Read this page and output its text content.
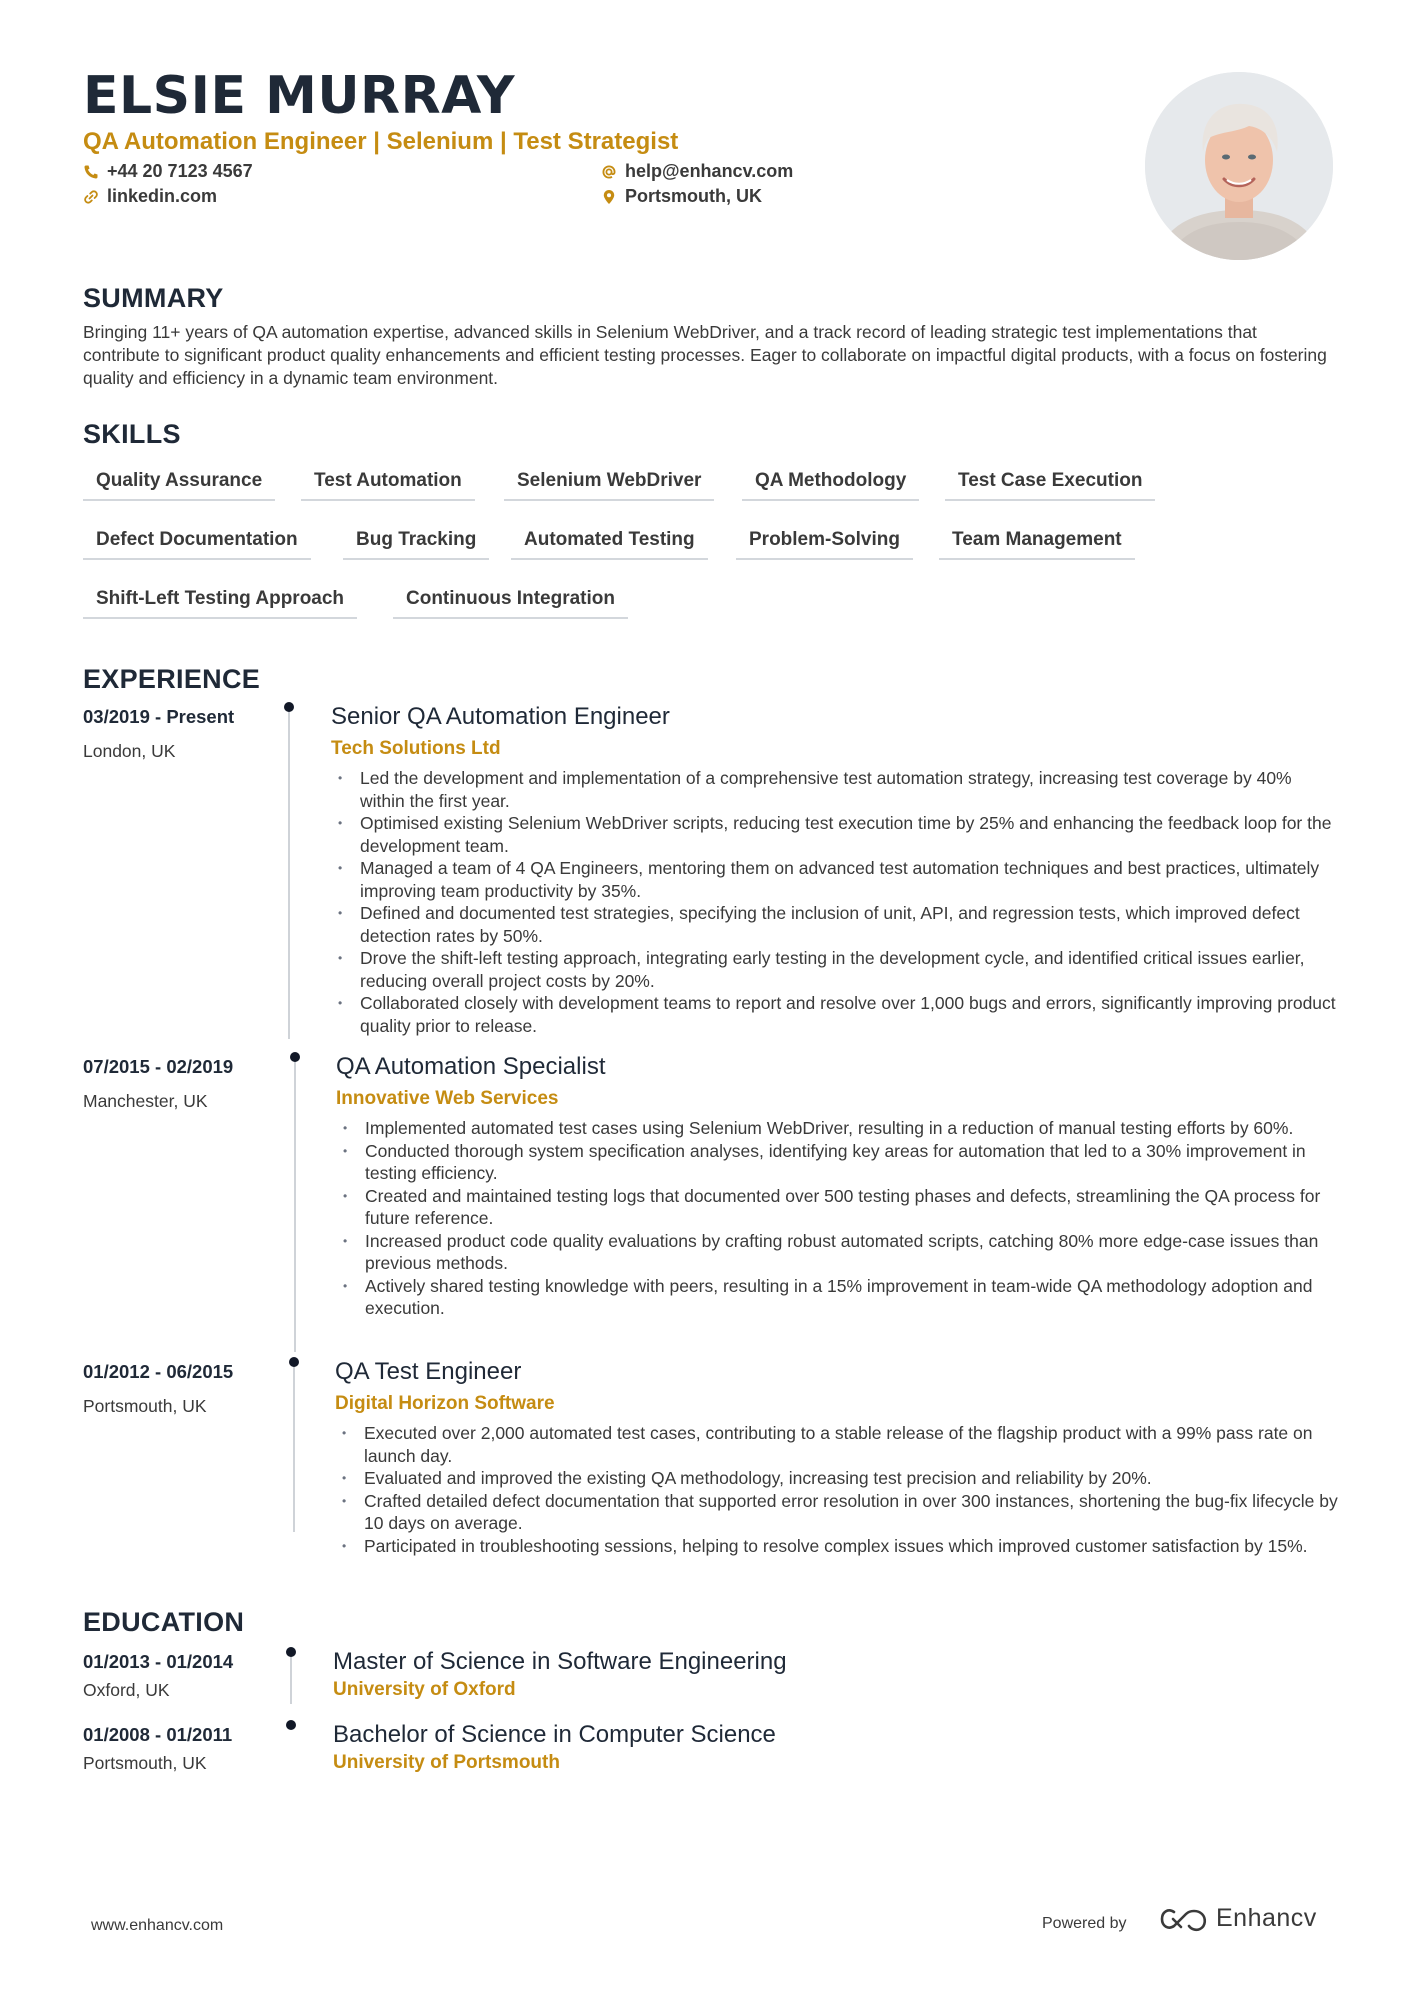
ELSIE MURRAY
QA Automation Engineer | Selenium | Test Strategist
+44 20 7123 4567	help@enhancv.com
linkedin.com	Portsmouth, UK
SUMMARY

Bringing 11+ years of QA automation expertise, advanced skills in Selenium WebDriver, and a track record of leading strategic test implementations that contribute to significant product quality enhancements and efficient testing processes. Eager to collaborate on impactful digital products, with a focus on fostering quality and efficiency in a dynamic team environment.

SKILLS
Quality Assurance	Test Automation	Selenium WebDriver	QA Methodology	Test Case Execution
Defect Documentation	Bug Tracking	Automated Testing	Problem-Solving	Team Management
Shift-Left Testing Approach	Continuous Integration
EXPERIENCE
03/2019 - Present
London, UK
Senior QA Automation Engineer
Tech Solutions Ltd
• Led the development and implementation of a comprehensive test automation strategy, increasing test coverage by 40% within the first year.
• Optimised existing Selenium WebDriver scripts, reducing test execution time by 25% and enhancing the feedback loop for the development team.
• Managed a team of 4 QA Engineers, mentoring them on advanced test automation techniques and best practices, ultimately improving team productivity by 35%.
• Defined and documented test strategies, specifying the inclusion of unit, API, and regression tests, which improved defect detection rates by 50%.
• Drove the shift-left testing approach, integrating early testing in the development cycle, and identified critical issues earlier, reducing overall project costs by 20%.
• Collaborated closely with development teams to report and resolve over 1,000 bugs and errors, significantly improving product quality prior to release.
07/2015 - 02/2019
Manchester, UK
QA Automation Specialist
Innovative Web Services
• Implemented automated test cases using Selenium WebDriver, resulting in a reduction of manual testing efforts by 60%.
• Conducted thorough system specification analyses, identifying key areas for automation that led to a 30% improvement in testing efficiency.
• Created and maintained testing logs that documented over 500 testing phases and defects, streamlining the QA process for future reference.
• Increased product code quality evaluations by crafting robust automated scripts, catching 80% more edge-case issues than previous methods.
• Actively shared testing knowledge with peers, resulting in a 15% improvement in team-wide QA methodology adoption and execution.
01/2012 - 06/2015
Portsmouth, UK
QA Test Engineer
Digital Horizon Software
• Executed over 2,000 automated test cases, contributing to a stable release of the flagship product with a 99% pass rate on launch day.
• Evaluated and improved the existing QA methodology, increasing test precision and reliability by 20%.
• Crafted detailed defect documentation that supported error resolution in over 300 instances, shortening the bug-fix lifecycle by 10 days on average.
• Participated in troubleshooting sessions, helping to resolve complex issues which improved customer satisfaction by 15%.
EDUCATION
01/2013 - 01/2014
Oxford, UK
Master of Science in Software Engineering
University of Oxford
01/2008 - 01/2011
Portsmouth, UK
Bachelor of Science in Computer Science
University of Portsmouth
www.enhancv.com	Powered by	Enhancv
